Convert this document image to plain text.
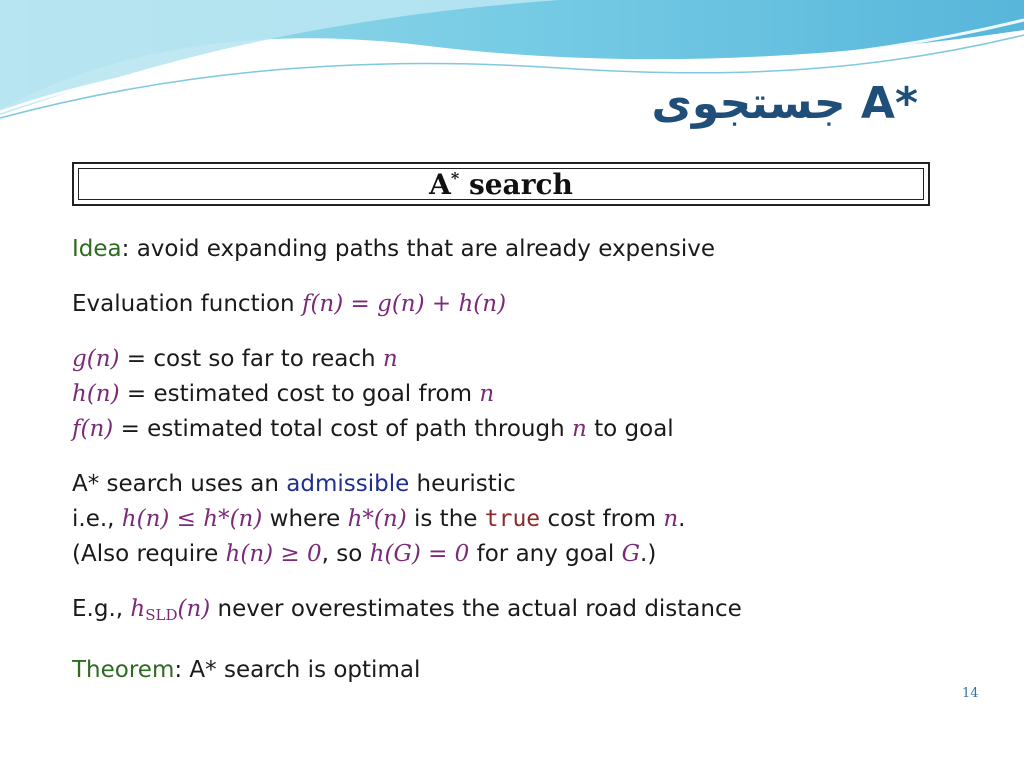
جستجوی A*
A* search

Idea: avoid expanding paths that are already expensive

Evaluation function f(n) = g(n) + h(n)

g(n) = cost so far to reach n

h(n) = estimated cost to goal from n

f(n) = estimated total cost of path through n to goal

A* search uses an admissible heuristic

i.e., h(n) ≤ h*(n) where h*(n) is the true cost from n.

(Also require h(n) ≥ 0, so h(G) = 0 for any goal G.)

E.g., $h_{SLD}(n)$ never overestimates the actual road distance

Theorem: A* search is optimal

14
